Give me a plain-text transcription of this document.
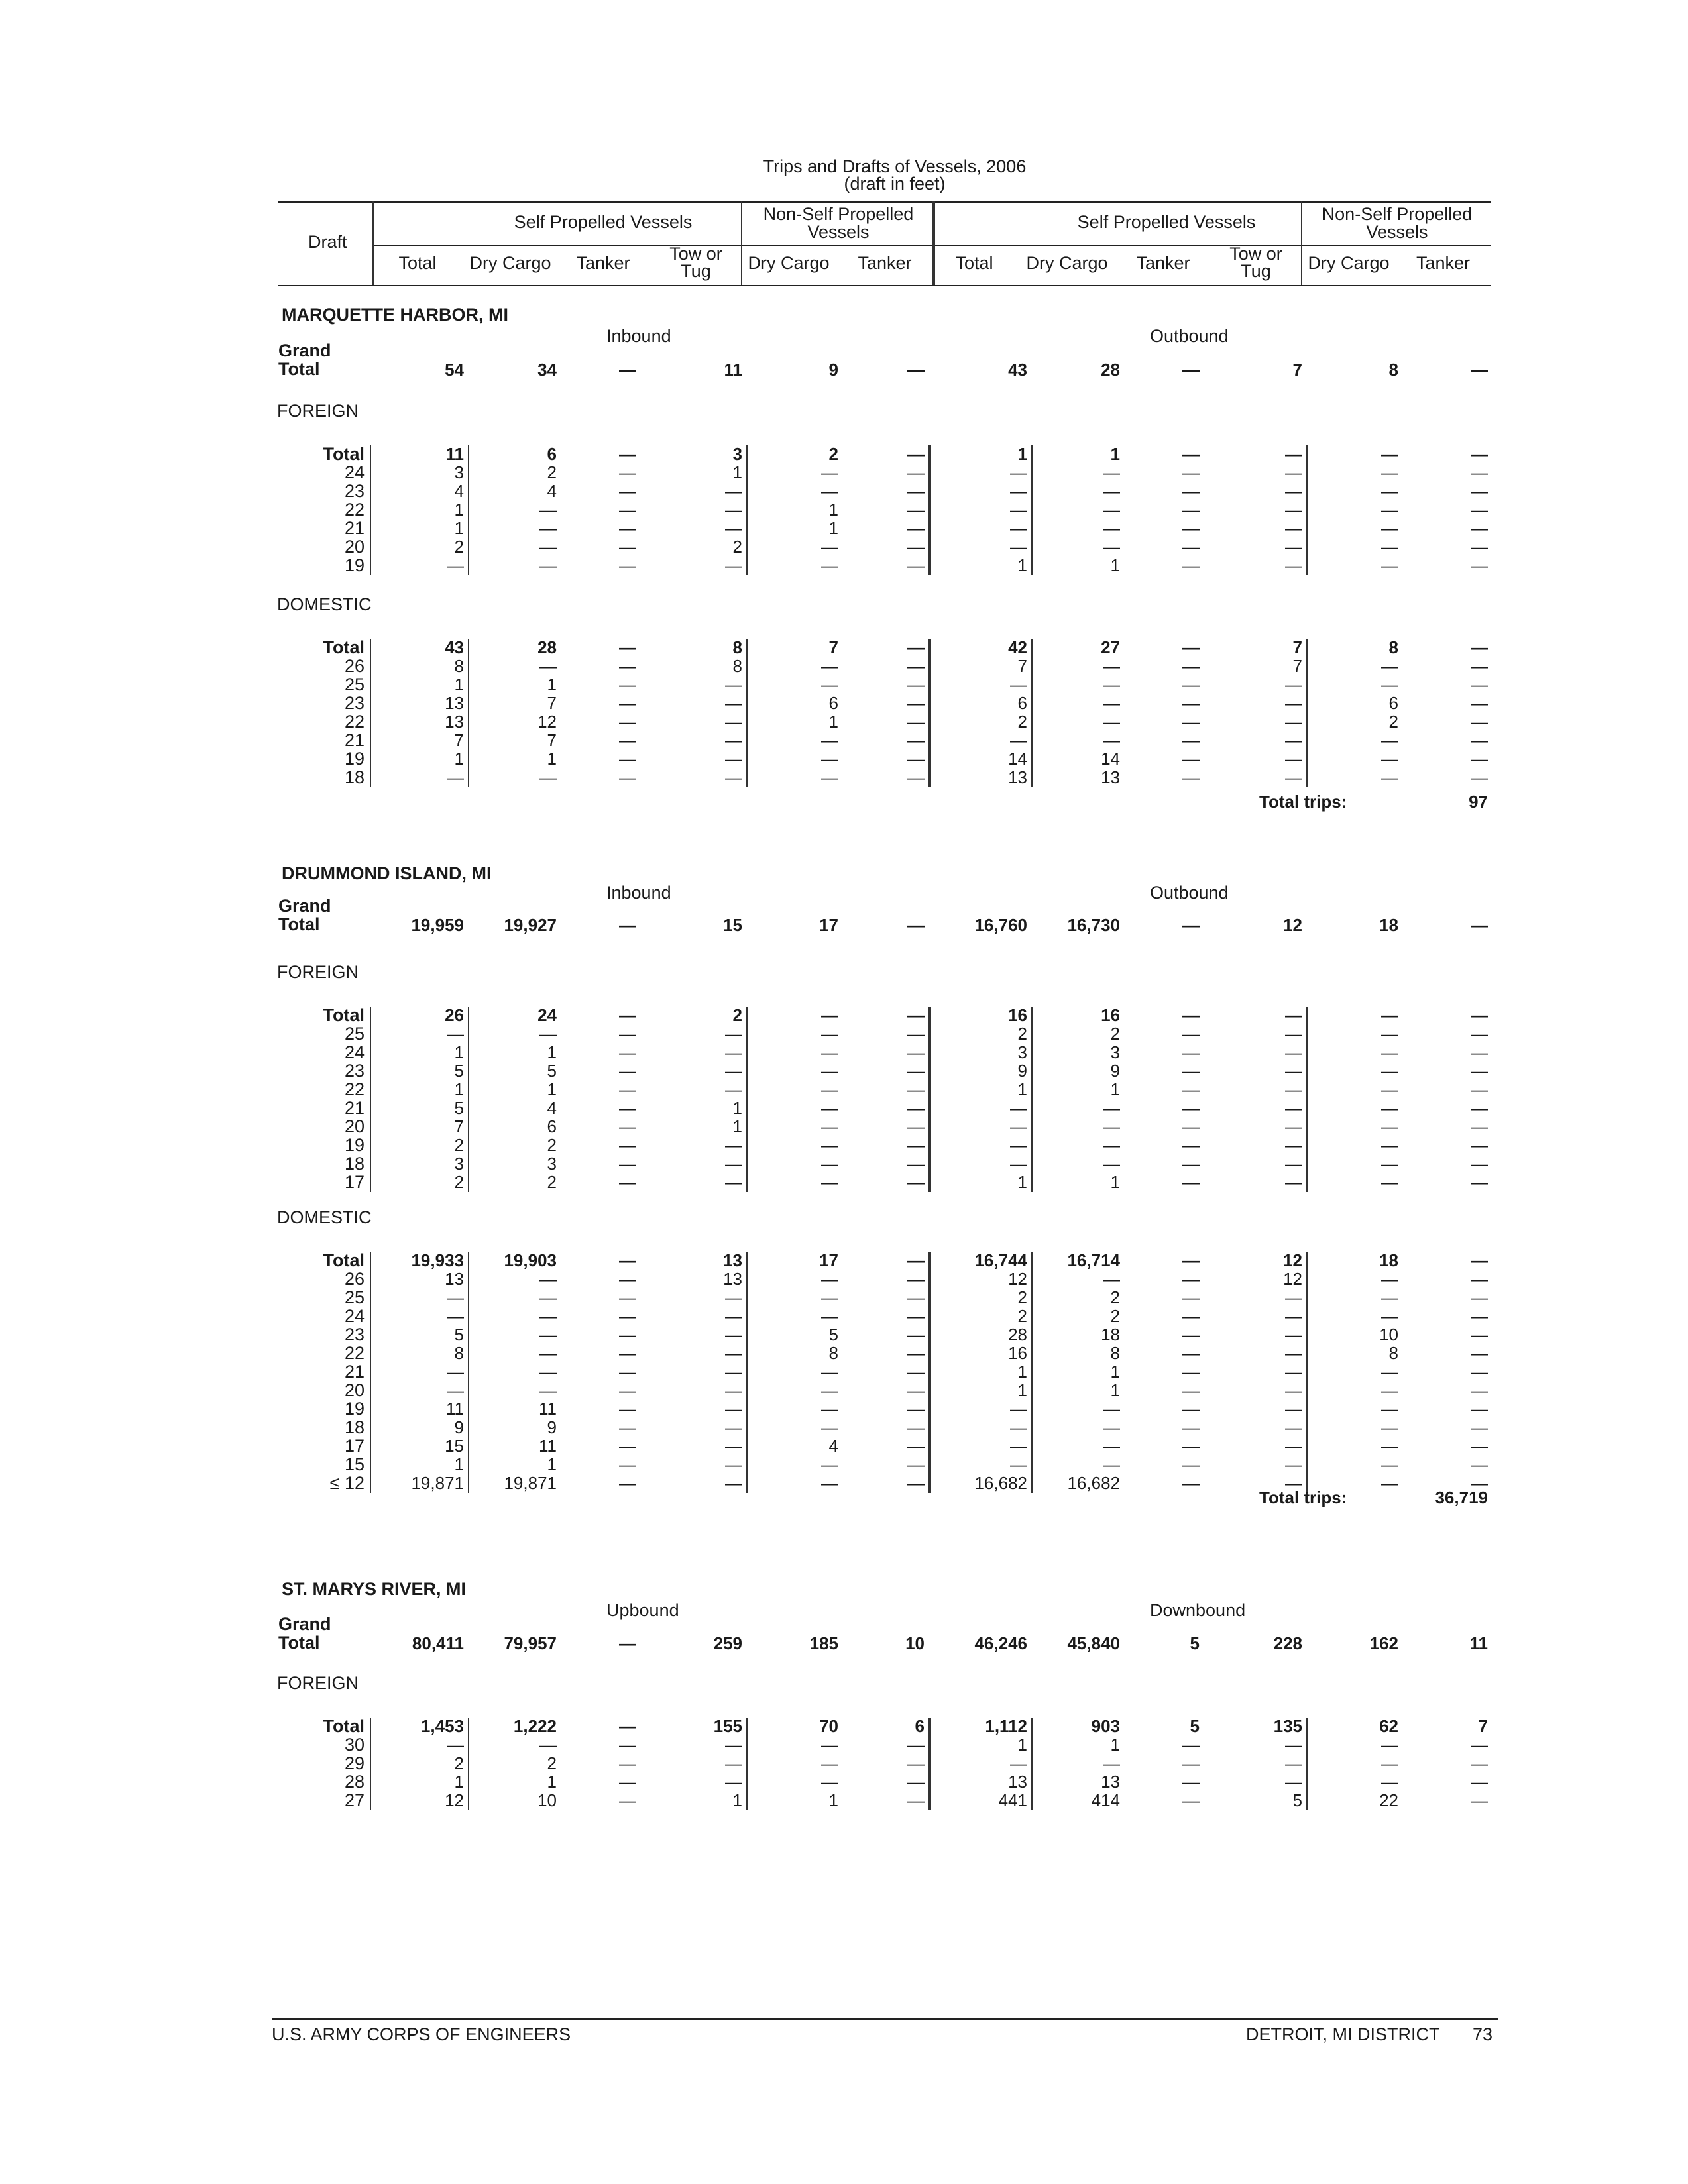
Trips and Drafts of Vessels, 2006
(draft in feet)
Draft
Self Propelled Vessels	Non-Self Propelled Vessels	Self Propelled Vessels	Non-Self Propelled Vessels
Total	Dry Cargo	Tanker	Tow or Tug	Dry Cargo	Tanker	Total	Dry Cargo	Tanker	Tow or Tug	Dry Cargo	Tanker
MARQUETTE HARBOR, MI
Inbound	Outbound
Grand Total	54	34	—	11	9	—	43	28	—	7	8	—
FOREIGN
Total	11	6	—	3	2	—	1	1	—	—	—	—
24	3	2	—	1	—	—	—	—	—	—	—	—
23	4	4	—	—	—	—	—	—	—	—	—	—
22	1	—	—	—	1	—	—	—	—	—	—	—
21	1	—	—	—	1	—	—	—	—	—	—	—
20	2	—	—	2	—	—	—	—	—	—	—	—
19	—	—	—	—	—	—	1	1	—	—	—	—
DOMESTIC
Total	43	28	—	8	7	—	42	27	—	7	8	—
26	8	—	—	8	—	—	7	—	—	7	—	—
25	1	1	—	—	—	—	—	—	—	—	—	—
23	13	7	—	—	6	—	6	—	—	—	6	—
22	13	12	—	—	1	—	2	—	—	—	2	—
21	7	7	—	—	—	—	—	—	—	—	—	—
19	1	1	—	—	—	—	14	14	—	—	—	—
18	—	—	—	—	—	—	13	13	—	—	—	—
Total trips:	97
DRUMMOND ISLAND, MI
Inbound	Outbound
Grand Total	19,959	19,927	—	15	17	—	16,760	16,730	—	12	18	—
FOREIGN
Total	26	24	—	2	—	—	16	16	—	—	—	—
25	—	—	—	—	—	—	2	2	—	—	—	—
24	1	1	—	—	—	—	3	3	—	—	—	—
23	5	5	—	—	—	—	9	9	—	—	—	—
22	1	1	—	—	—	—	1	1	—	—	—	—
21	5	4	—	1	—	—	—	—	—	—	—	—
20	7	6	—	1	—	—	—	—	—	—	—	—
19	2	2	—	—	—	—	—	—	—	—	—	—
18	3	3	—	—	—	—	—	—	—	—	—	—
17	2	2	—	—	—	—	1	1	—	—	—	—
DOMESTIC
Total	19,933	19,903	—	13	17	—	16,744	16,714	—	12	18	—
26	13	—	—	13	—	—	12	—	—	12	—	—
25	—	—	—	—	—	—	2	2	—	—	—	—
24	—	—	—	—	—	—	2	2	—	—	—	—
23	5	—	—	—	5	—	28	18	—	—	10	—
22	8	—	—	—	8	—	16	8	—	—	8	—
21	—	—	—	—	—	—	1	1	—	—	—	—
20	—	—	—	—	—	—	1	1	—	—	—	—
19	11	11	—	—	—	—	—	—	—	—	—	—
18	9	9	—	—	—	—	—	—	—	—	—	—
17	15	11	—	—	4	—	—	—	—	—	—	—
15	1	1	—	—	—	—	—	—	—	—	—	—
≤ 12	19,871	19,871	—	—	—	—	16,682	16,682	—	—	—	—
Total trips:	36,719
ST. MARYS RIVER, MI
Upbound	Downbound
Grand Total	80,411	79,957	—	259	185	10	46,246	45,840	5	228	162	11
FOREIGN
Total	1,453	1,222	—	155	70	6	1,112	903	5	135	62	7
30	—	—	—	—	—	—	1	1	—	—	—	—
29	2	2	—	—	—	—	—	—	—	—	—	—
28	1	1	—	—	—	—	13	13	—	—	—	—
27	12	10	—	1	1	—	441	414	—	5	22	—
U.S. ARMY CORPS OF ENGINEERS	DETROIT, MI DISTRICT 73
